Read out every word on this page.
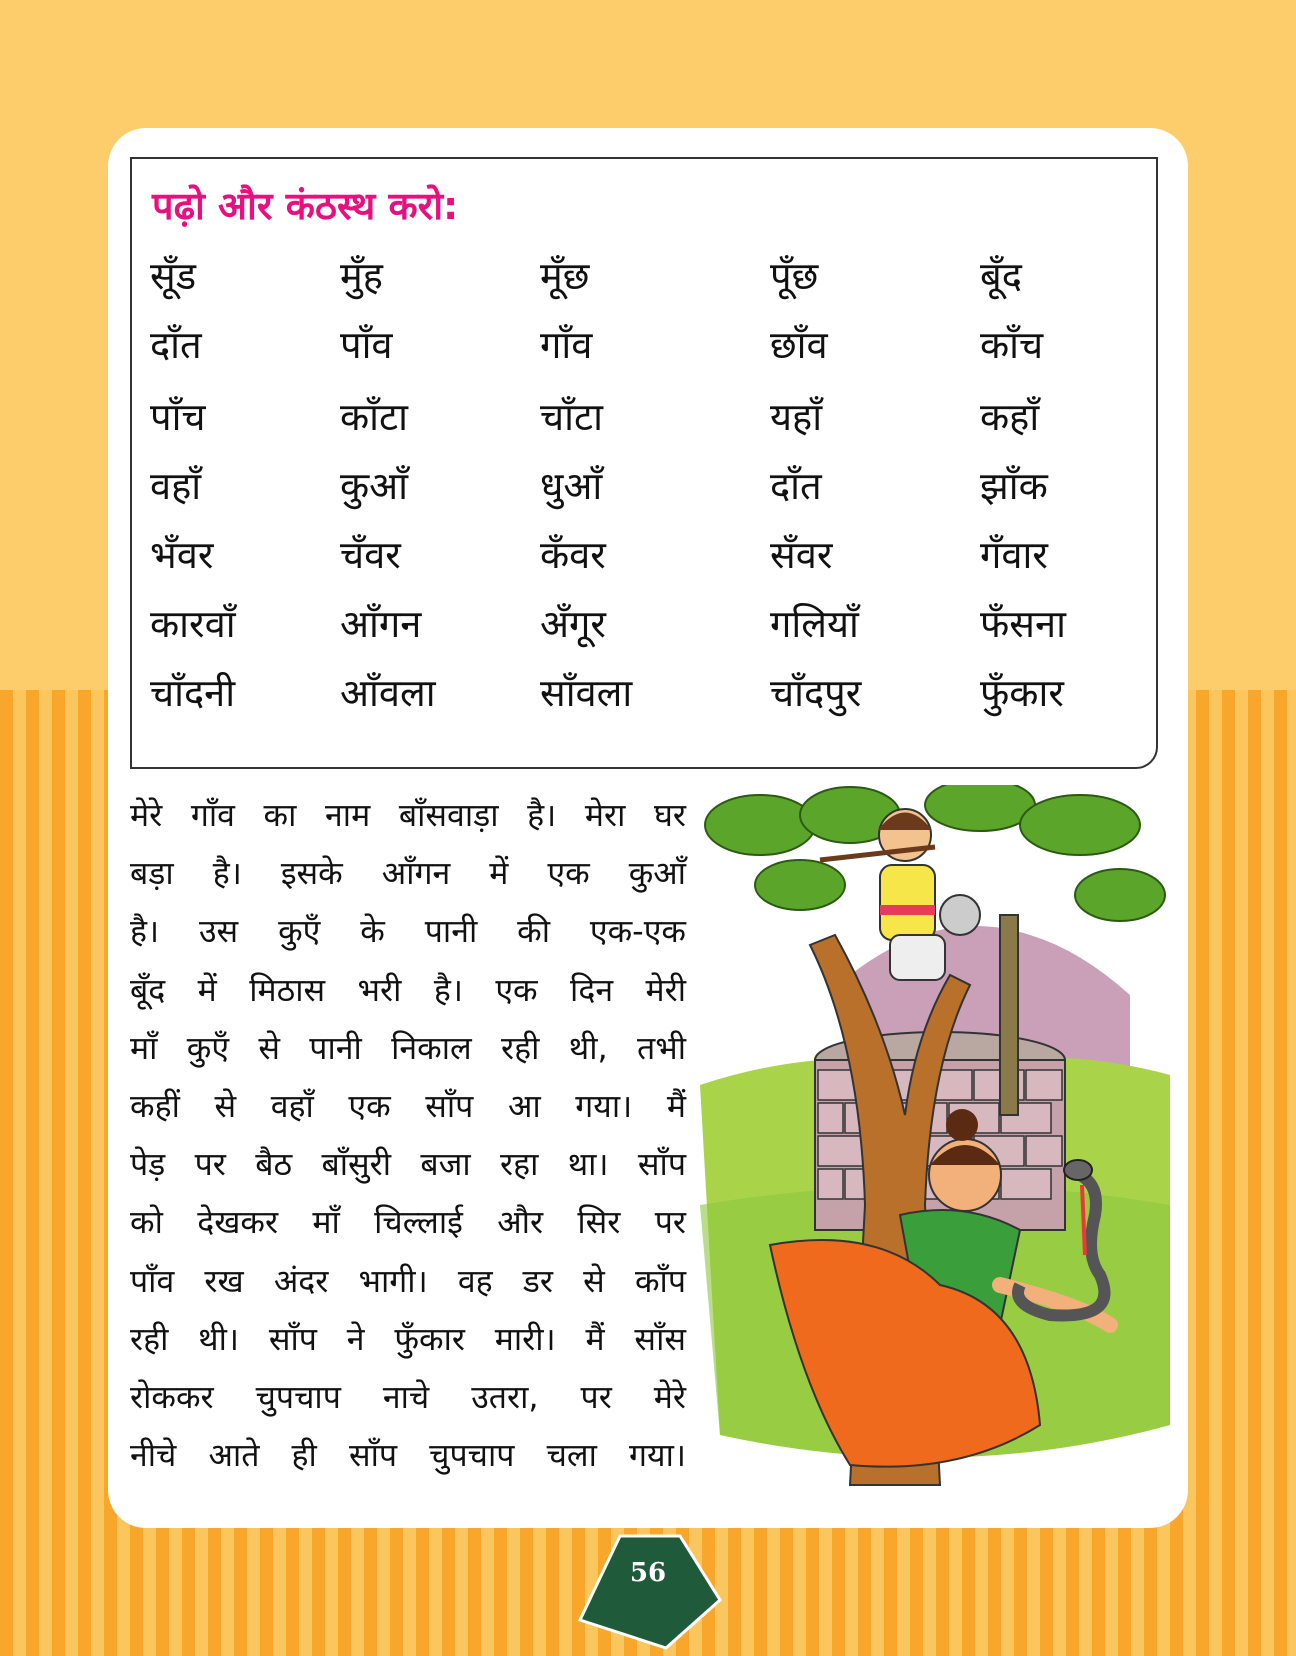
पढ़ो और कंठस्थ करो:
सूँड	मुँह	मूँछ	पूँछ	बूँद
दाँत	पाँव	गाँव	छाँव	काँच
पाँच	काँटा	चाँटा	यहाँ	कहाँ
वहाँ	कुआँ	धुआँ	दाँत	झाँक
भँवर	चँवर	कँवर	सँवर	गँवार
कारवाँ	आँगन	अँगूर	गलियाँ	फँसना
चाँदनी	आँवला	साँवला	चाँदपुर	फुँकार
मेरे गाँव का नाम बाँसवाड़ा है। मेरा घर
बड़ा है। इसके आँगन में एक कुआँ
है। उस कुएँ के पानी की एक-एक
बूँद में मिठास भरी है। एक दिन मेरी
माँ कुएँ से पानी निकाल रही थी, तभी
कहीं से वहाँ एक साँप आ गया। मैं
पेड़ पर बैठ बाँसुरी बजा रहा था। साँप
को देखकर माँ चिल्लाई और सिर पर
पाँव रख अंदर भागी। वह डर से काँप
रही थी। साँप ने फुँकार मारी। मैं साँस
रोककर चुपचाप नाचे उतरा, पर मेरे
नीचे आते ही साँप चुपचाप चला गया।
56
